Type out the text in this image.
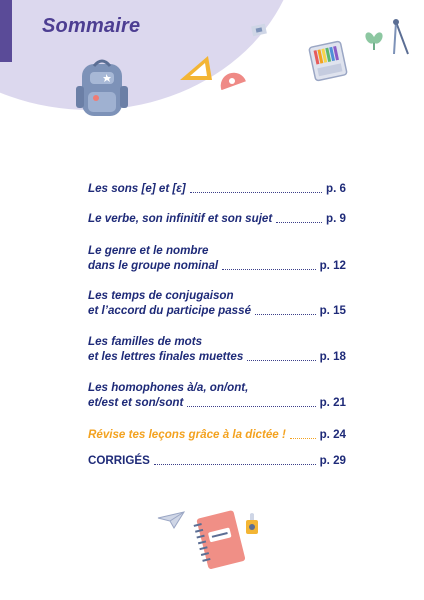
Sommaire
Les sons [e] et [ɛ]	p. 6
Le verbe, son infinitif et son sujet	p. 9
Le genre et le nombre
dans le groupe nominal	p. 12
Les temps de conjugaison
et l’accord du participe passé	p. 15
Les familles de mots
et les lettres finales muettes	p. 18
Les homophones à/a, on/ont,
et/est et son/sont	p. 21
Révise tes leçons grâce à la dictée !	p. 24
CORRIGÉS	p. 29
